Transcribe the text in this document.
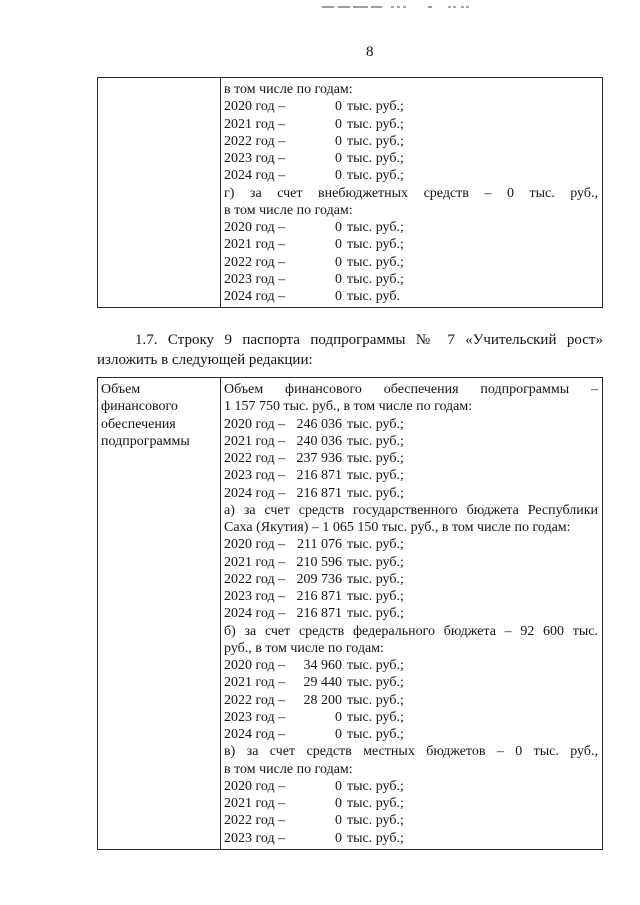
8
в том числе по годам:
2020 год –	0 тыс. руб.;
2021 год –	0 тыс. руб.;
2022 год –	0 тыс. руб.;
2023 год –	0 тыс. руб.;
2024 год –	0 тыс. руб.;
г) за счет внебюджетных средств – 0 тыс. руб.,
в том числе по годам:
2020 год –	0 тыс. руб.;
2021 год –	0 тыс. руб.;
2022 год –	0 тыс. руб.;
2023 год –	0 тыс. руб.;
2024 год –	0 тыс. руб.
1.7. Строку 9 паспорта подпрограммы № 7 «Учительский рост»
изложить в следующей редакции:
Объем финансового обеспечения подпрограммы
Объем финансового обеспечения подпрограммы –
1 157 750 тыс. руб., в том числе по годам:
2020 год – 246 036 тыс. руб.;
2021 год – 240 036 тыс. руб.;
2022 год – 237 936 тыс. руб.;
2023 год – 216 871 тыс. руб.;
2024 год – 216 871 тыс. руб.;
а) за счет средств государственного бюджета Республики
Саха (Якутия) – 1 065 150 тыс. руб., в том числе по годам:
2020 год – 211 076 тыс. руб.;
2021 год – 210 596 тыс. руб.;
2022 год – 209 736 тыс. руб.;
2023 год – 216 871 тыс. руб.;
2024 год – 216 871 тыс. руб.;
б) за счет средств федерального бюджета – 92 600 тыс.
руб., в том числе по годам:
2020 год –	34 960 тыс. руб.;
2021 год –	29 440 тыс. руб.;
2022 год –	28 200 тыс. руб.;
2023 год –	0 тыс. руб.;
2024 год –	0 тыс. руб.;
в) за счет средств местных бюджетов – 0 тыс. руб.,
в том числе по годам:
2020 год –	0 тыс. руб.;
2021 год –	0 тыс. руб.;
2022 год –	0 тыс. руб.;
2023 год –	0 тыс. руб.;
